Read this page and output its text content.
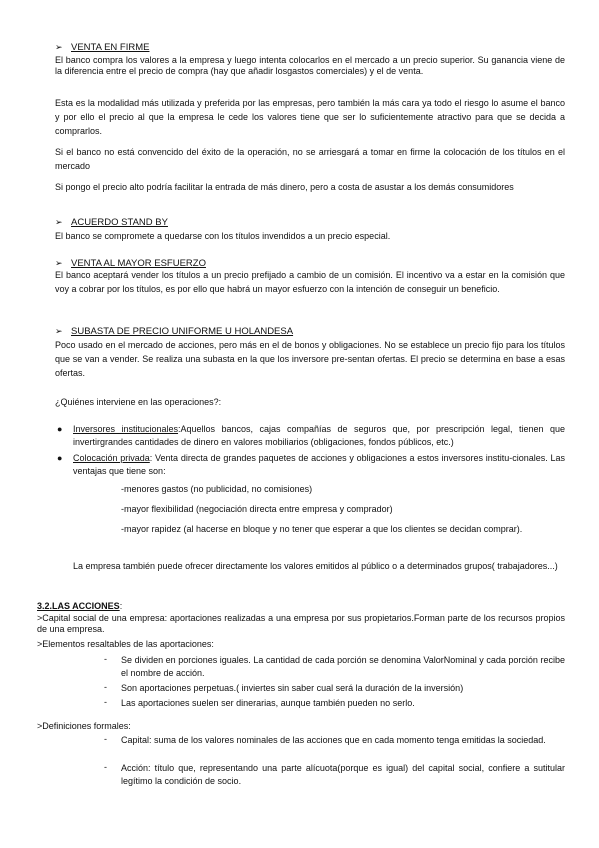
➢ VENTA EN FIRME
El banco compra los valores a la empresa y luego intenta colocarlos en el mercado a un precio superior. Su ganancia viene de la diferencia entre el precio de compra (hay que añadir losgastos comerciales) y el de venta.
Esta es la modalidad más utilizada y preferida por las empresas, pero también la más cara ya todo el riesgo lo asume el banco y por ello el precio al que la empresa le cede los valores tiene que ser lo suficientemente atractivo para que se decida a comprarlos.
Si el banco no está convencido del éxito de la operación, no se arriesgará a tomar en firme la colocación de los títulos en el mercado
Si pongo el precio alto podría facilitar la entrada de más dinero, pero a costa de asustar a los demás consumidores
➢ ACUERDO STAND BY
El banco se compromete a quedarse con los títulos invendidos a un precio especial.
➢ VENTA AL MAYOR ESFUERZO
El banco aceptará vender los títulos a un precio prefijado a cambio de un comisión. El incentivo va a estar en la comisión que voy a cobrar por los títulos, es por ello que habrá un mayor esfuerzo con la intención de conseguir un beneficio.
➢ SUBASTA DE PRECIO UNIFORME U HOLANDESA
Poco usado en el mercado de acciones, pero más en el de bonos y obligaciones. No se establece un precio fijo para los títulos que se van a vender. Se realiza una subasta en la que los inversore pre-sentan ofertas. El precio se determina en base a esas ofertas.
¿Quiénes interviene en las operaciones?:
● Inversores institucionales:Aquellos bancos, cajas compañías de seguros que, por prescripción legal, tienen que invertirgrandes cantidades de dinero en valores mobiliarios (obligaciones, fondos públicos, etc.)
● Colocación privada: Venta directa de grandes paquetes de acciones y obligaciones a estos inversores institu-cionales. Las ventajas que tiene son:
-menores gastos (no publicidad, no comisiones)
-mayor flexibilidad (negociación directa entre empresa y comprador)
-mayor rapidez (al hacerse en bloque y no tener que esperar a que los clientes se decidan comprar).
La empresa también puede ofrecer directamente los valores emitidos al público o a determinados grupos( trabajadores...)
3.2.LAS ACCIONES:
>Capital social de una empresa: aportaciones realizadas a una empresa por sus propietarios.Forman parte de los recursos propios de una empresa.
>Elementos resaltables de las aportaciones:
- Se dividen en porciones iguales. La cantidad de cada porción se denomina ValorNominal y cada porción recibe el nombre de acción.
- Son aportaciones perpetuas.( inviertes sin saber cual será la duración de la inversión)
- Las aportaciones suelen ser dinerarias, aunque también pueden no serlo.
>Definiciones formales:
- Capital: suma de los valores nominales de las acciones que en cada momento tenga emitidas la sociedad.
- Acción: título que, representando una parte alícuota(porque es igual) del capital social, confiere a sutitular legítimo la condición de socio.
